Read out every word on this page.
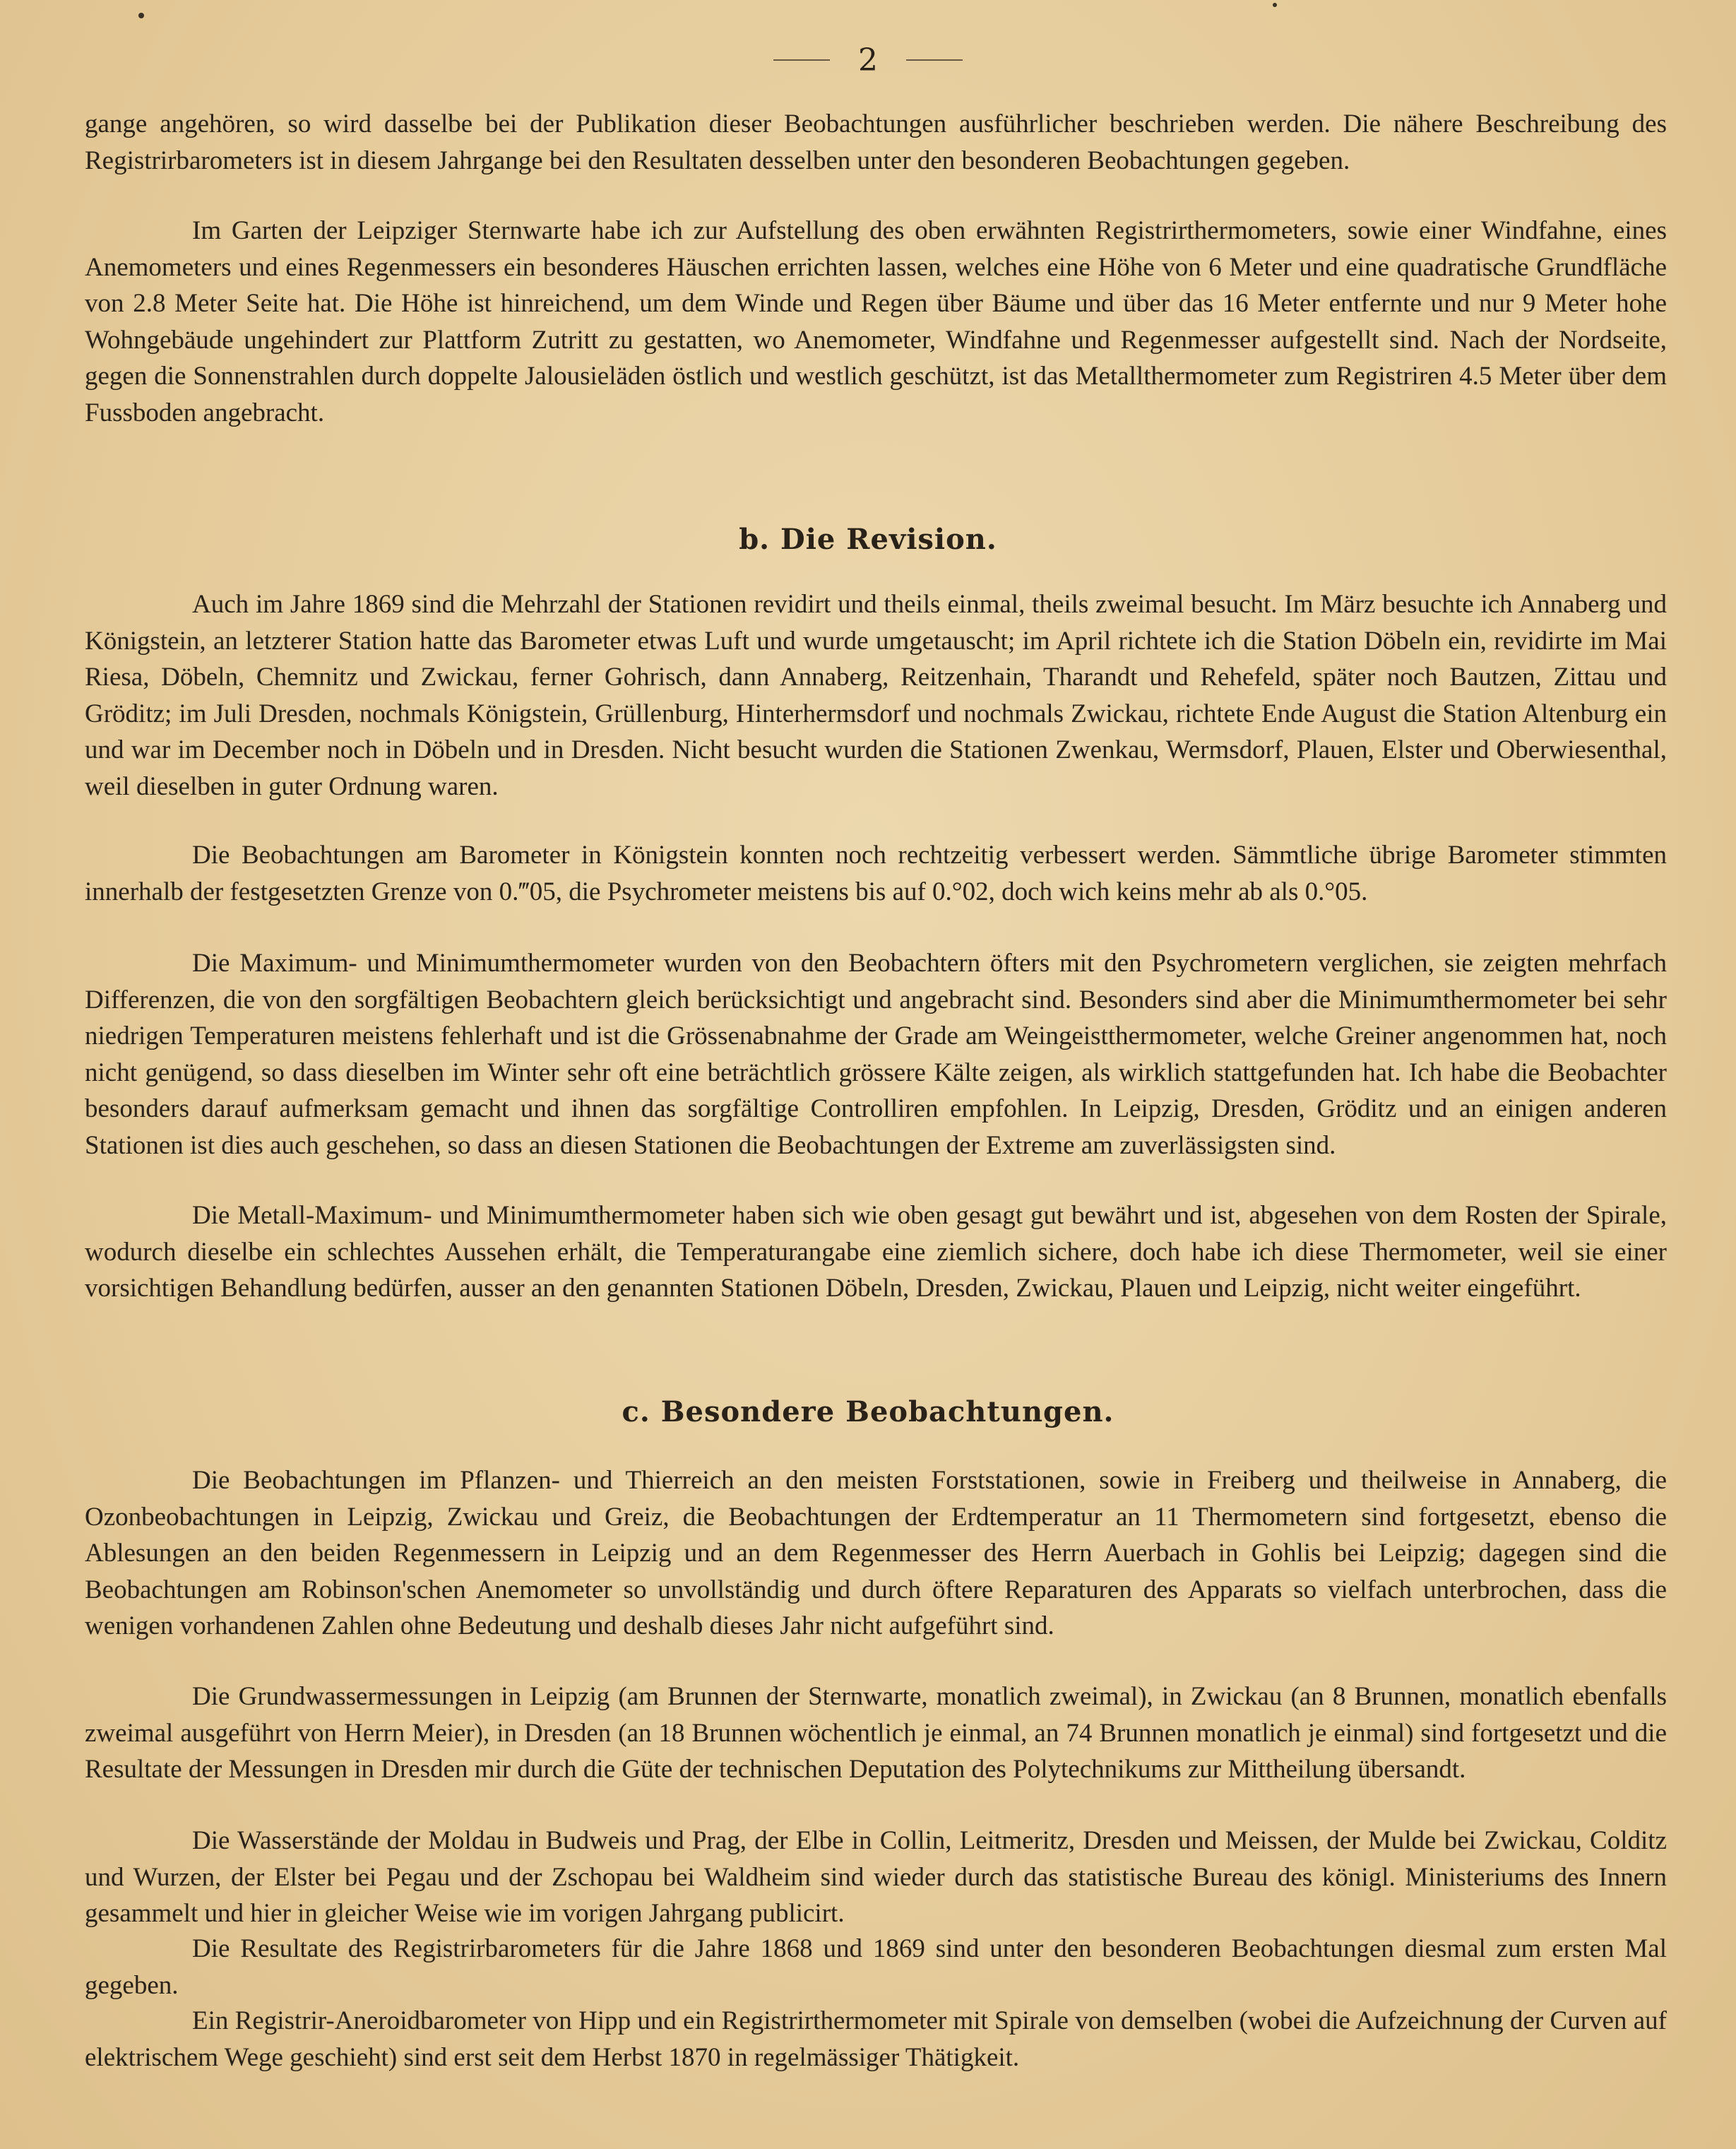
2

gange angehören, so wird dasselbe bei der Publikation dieser Beobachtungen ausführlicher beschrieben werden. Die nähere Beschreibung des Registrirbarometers ist in diesem Jahrgange bei den Resultaten desselben unter den besonderen Beobachtungen gegeben.

Im Garten der Leipziger Sternwarte habe ich zur Aufstellung des oben erwähnten Registrirthermometers, sowie einer Windfahne, eines Anemometers und eines Regenmessers ein besonderes Häuschen errichten lassen, welches eine Höhe von 6 Meter und eine quadratische Grundfläche von 2.8 Meter Seite hat. Die Höhe ist hinreichend, um dem Winde und Regen über Bäume und über das 16 Meter entfernte und nur 9 Meter hohe Wohngebäude ungehindert zur Plattform Zutritt zu gestatten, wo Anemometer, Windfahne und Regenmesser aufgestellt sind. Nach der Nordseite, gegen die Sonnenstrahlen durch doppelte Jalousieläden östlich und westlich geschützt, ist das Metallthermometer zum Registriren 4.5 Meter über dem Fussboden angebracht.

b. Die Revision.

Auch im Jahre 1869 sind die Mehrzahl der Stationen revidirt und theils einmal, theils zweimal besucht. Im März besuchte ich Annaberg und Königstein, an letzterer Station hatte das Barometer etwas Luft und wurde umgetauscht; im April richtete ich die Station Döbeln ein, revidirte im Mai Riesa, Döbeln, Chemnitz und Zwickau, ferner Gohrisch, dann Annaberg, Reitzenhain, Tharandt und Rehefeld, später noch Bautzen, Zittau und Gröditz; im Juli Dresden, nochmals Königstein, Grüllenburg, Hinterhermsdorf und nochmals Zwickau, richtete Ende August die Station Altenburg ein und war im December noch in Döbeln und in Dresden. Nicht besucht wurden die Stationen Zwenkau, Wermsdorf, Plauen, Elster und Oberwiesenthal, weil dieselben in guter Ordnung waren.

Die Beobachtungen am Barometer in Königstein konnten noch rechtzeitig verbessert werden. Sämmtliche übrige Barometer stimmten innerhalb der festgesetzten Grenze von 0.‴05, die Psychrometer meistens bis auf 0.°02, doch wich keins mehr ab als 0.°05.

Die Maximum- und Minimumthermometer wurden von den Beobachtern öfters mit den Psychrometern verglichen, sie zeigten mehrfach Differenzen, die von den sorgfältigen Beobachtern gleich berücksichtigt und angebracht sind. Besonders sind aber die Minimumthermometer bei sehr niedrigen Temperaturen meistens fehlerhaft und ist die Grössenabnahme der Grade am Weingeistthermometer, welche Greiner angenommen hat, noch nicht genügend, so dass dieselben im Winter sehr oft eine beträchtlich grössere Kälte zeigen, als wirklich stattgefunden hat. Ich habe die Beobachter besonders darauf aufmerksam gemacht und ihnen das sorgfältige Controlliren empfohlen. In Leipzig, Dresden, Gröditz und an einigen anderen Stationen ist dies auch geschehen, so dass an diesen Stationen die Beobachtungen der Extreme am zuverlässigsten sind.

Die Metall-Maximum- und Minimumthermometer haben sich wie oben gesagt gut bewährt und ist, abgesehen von dem Rosten der Spirale, wodurch dieselbe ein schlechtes Aussehen erhält, die Temperaturangabe eine ziemlich sichere, doch habe ich diese Thermometer, weil sie einer vorsichtigen Behandlung bedürfen, ausser an den genannten Stationen Döbeln, Dresden, Zwickau, Plauen und Leipzig, nicht weiter eingeführt.

c. Besondere Beobachtungen.

Die Beobachtungen im Pflanzen- und Thierreich an den meisten Forststationen, sowie in Freiberg und theilweise in Annaberg, die Ozonbeobachtungen in Leipzig, Zwickau und Greiz, die Beobachtungen der Erdtemperatur an 11 Thermometern sind fortgesetzt, ebenso die Ablesungen an den beiden Regenmessern in Leipzig und an dem Regenmesser des Herrn Auerbach in Gohlis bei Leipzig; dagegen sind die Beobachtungen am Robinson'schen Anemometer so unvollständig und durch öftere Reparaturen des Apparats so vielfach unterbrochen, dass die wenigen vorhandenen Zahlen ohne Bedeutung und deshalb dieses Jahr nicht aufgeführt sind.

Die Grundwassermessungen in Leipzig (am Brunnen der Sternwarte, monatlich zweimal), in Zwickau (an 8 Brunnen, monatlich ebenfalls zweimal ausgeführt von Herrn Meier), in Dresden (an 18 Brunnen wöchentlich je einmal, an 74 Brunnen monatlich je einmal) sind fortgesetzt und die Resultate der Messungen in Dresden mir durch die Güte der technischen Deputation des Polytechnikums zur Mittheilung übersandt.

Die Wasserstände der Moldau in Budweis und Prag, der Elbe in Collin, Leitmeritz, Dresden und Meissen, der Mulde bei Zwickau, Colditz und Wurzen, der Elster bei Pegau und der Zschopau bei Waldheim sind wieder durch das statistische Bureau des königl. Ministeriums des Innern gesammelt und hier in gleicher Weise wie im vorigen Jahrgang publicirt.

Die Resultate des Registrirbarometers für die Jahre 1868 und 1869 sind unter den besonderen Beobachtungen diesmal zum ersten Mal gegeben.

Ein Registrir-Aneroidbarometer von Hipp und ein Registrirthermometer mit Spirale von demselben (wobei die Aufzeichnung der Curven auf elektrischem Wege geschieht) sind erst seit dem Herbst 1870 in regelmässiger Thätigkeit.
